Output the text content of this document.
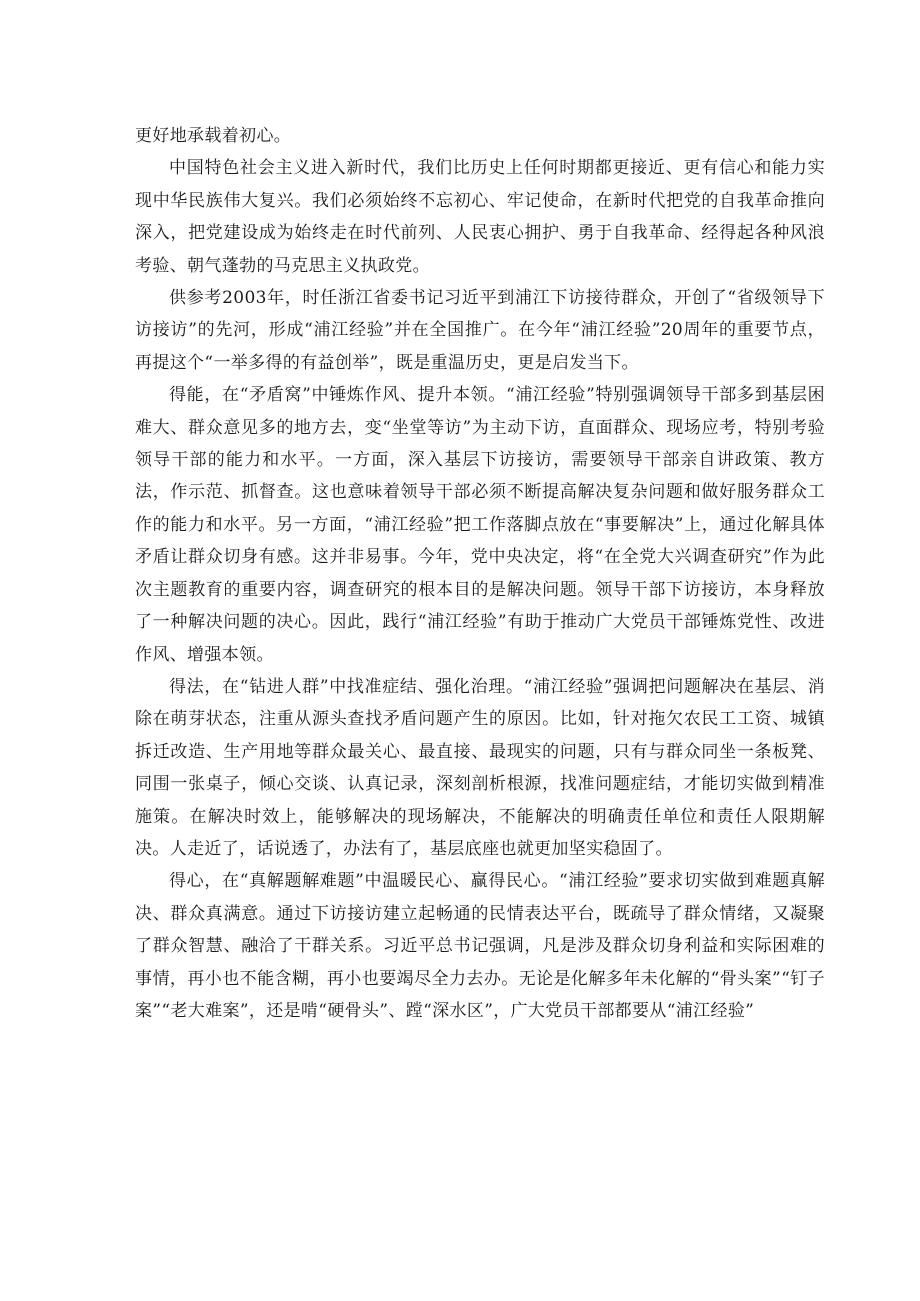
更好地承载着初心。

中国特色社会主义进入新时代，我们比历史上任何时期都更接近、更有信心和能力实现中华民族伟大复兴。我们必须始终不忘初心、牢记使命，在新时代把党的自我革命推向深入，把党建设成为始终走在时代前列、人民衷心拥护、勇于自我革命、经得起各种风浪考验、朝气蓬勃的马克思主义执政党。

供参考2003年，时任浙江省委书记习近平到浦江下访接待群众，开创了“省级领导下访接访”的先河，形成“浦江经验”并在全国推广。在今年“浦江经验”20周年的重要节点，再提这个“一举多得的有益创举”，既是重温历史，更是启发当下。

得能，在“矛盾窝”中锤炼作风、提升本领。“浦江经验”特别强调领导干部多到基层困难大、群众意见多的地方去，变“坐堂等访”为主动下访，直面群众、现场应考，特别考验领导干部的能力和水平。一方面，深入基层下访接访，需要领导干部亲自讲政策、教方法，作示范、抓督查。这也意味着领导干部必须不断提高解决复杂问题和做好服务群众工作的能力和水平。另一方面，“浦江经验”把工作落脚点放在“事要解决”上，通过化解具体矛盾让群众切身有感。这并非易事。今年，党中央决定，将“在全党大兴调查研究”作为此次主题教育的重要内容，调查研究的根本目的是解决问题。领导干部下访接访，本身释放了一种解决问题的决心。因此，践行“浦江经验”有助于推动广大党员干部锤炼党性、改进作风、增强本领。

得法，在“钻进人群”中找准症结、强化治理。“浦江经验”强调把问题解决在基层、消除在萌芽状态，注重从源头查找矛盾问题产生的原因。比如，针对拖欠农民工工资、城镇拆迁改造、生产用地等群众最关心、最直接、最现实的问题，只有与群众同坐一条板凳、同围一张桌子，倾心交谈、认真记录，深刻剖析根源，找准问题症结，才能切实做到精准施策。在解决时效上，能够解决的现场解决，不能解决的明确责任单位和责任人限期解决。人走近了，话说透了，办法有了，基层底座也就更加坚实稳固了。

得心，在“真解题解难题”中温暖民心、赢得民心。“浦江经验”要求切实做到难题真解决、群众真满意。通过下访接访建立起畅通的民情表达平台，既疏导了群众情绪，又凝聚了群众智慧、融洽了干群关系。习近平总书记强调，凡是涉及群众切身利益和实际困难的事情，再小也不能含糊，再小也要竭尽全力去办。无论是化解多年未化解的“骨头案”“钉子案”“老大难案”，还是啃“硬骨头”、蹚“深水区”，广大党员干部都要从“浦江经验”
